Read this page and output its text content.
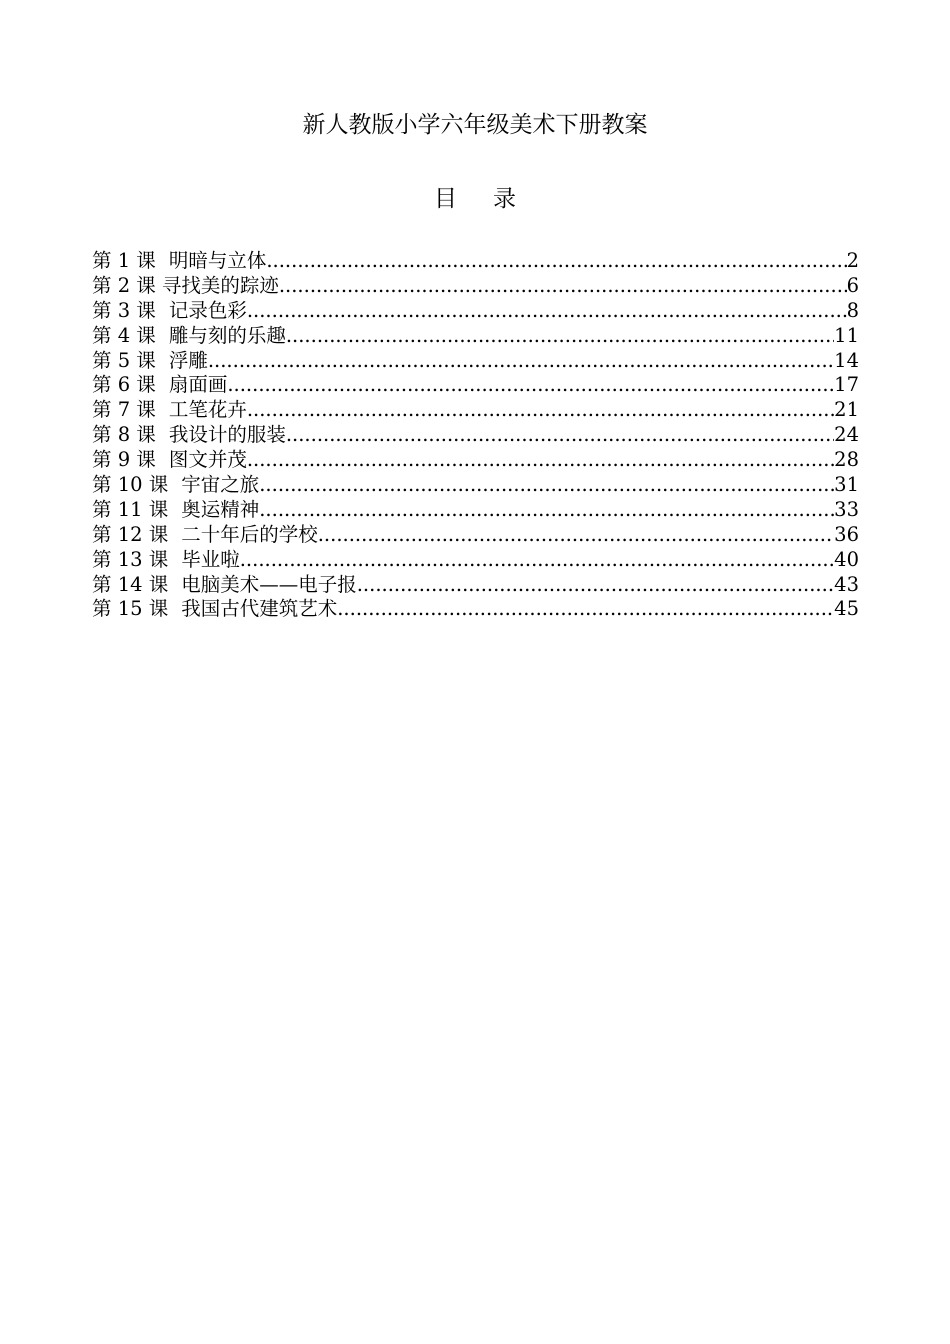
新人教版小学六年级美术下册教案
目 录
第 1 课 明暗与立体 .....	2
第 2 课 寻找美的踪迹 .....	6
第 3 课 记录色彩 .....	8
第 4 课 雕与刻的乐趣 .....	11
第 5 课 浮雕 .....	14
第 6 课 扇面画 .....	17
第 7 课 工笔花卉 .....	21
第 8 课 我设计的服装 .....	24
第 9 课 图文并茂 .....	28
第 10 课 宇宙之旅 .....	31
第 11 课 奥运精神 .....	33
第 12 课 二十年后的学校 .....	36
第 13 课 毕业啦 .....	40
第 14 课 电脑美术——电子报 .....	43
第 15 课 我国古代建筑艺术 .....	45
